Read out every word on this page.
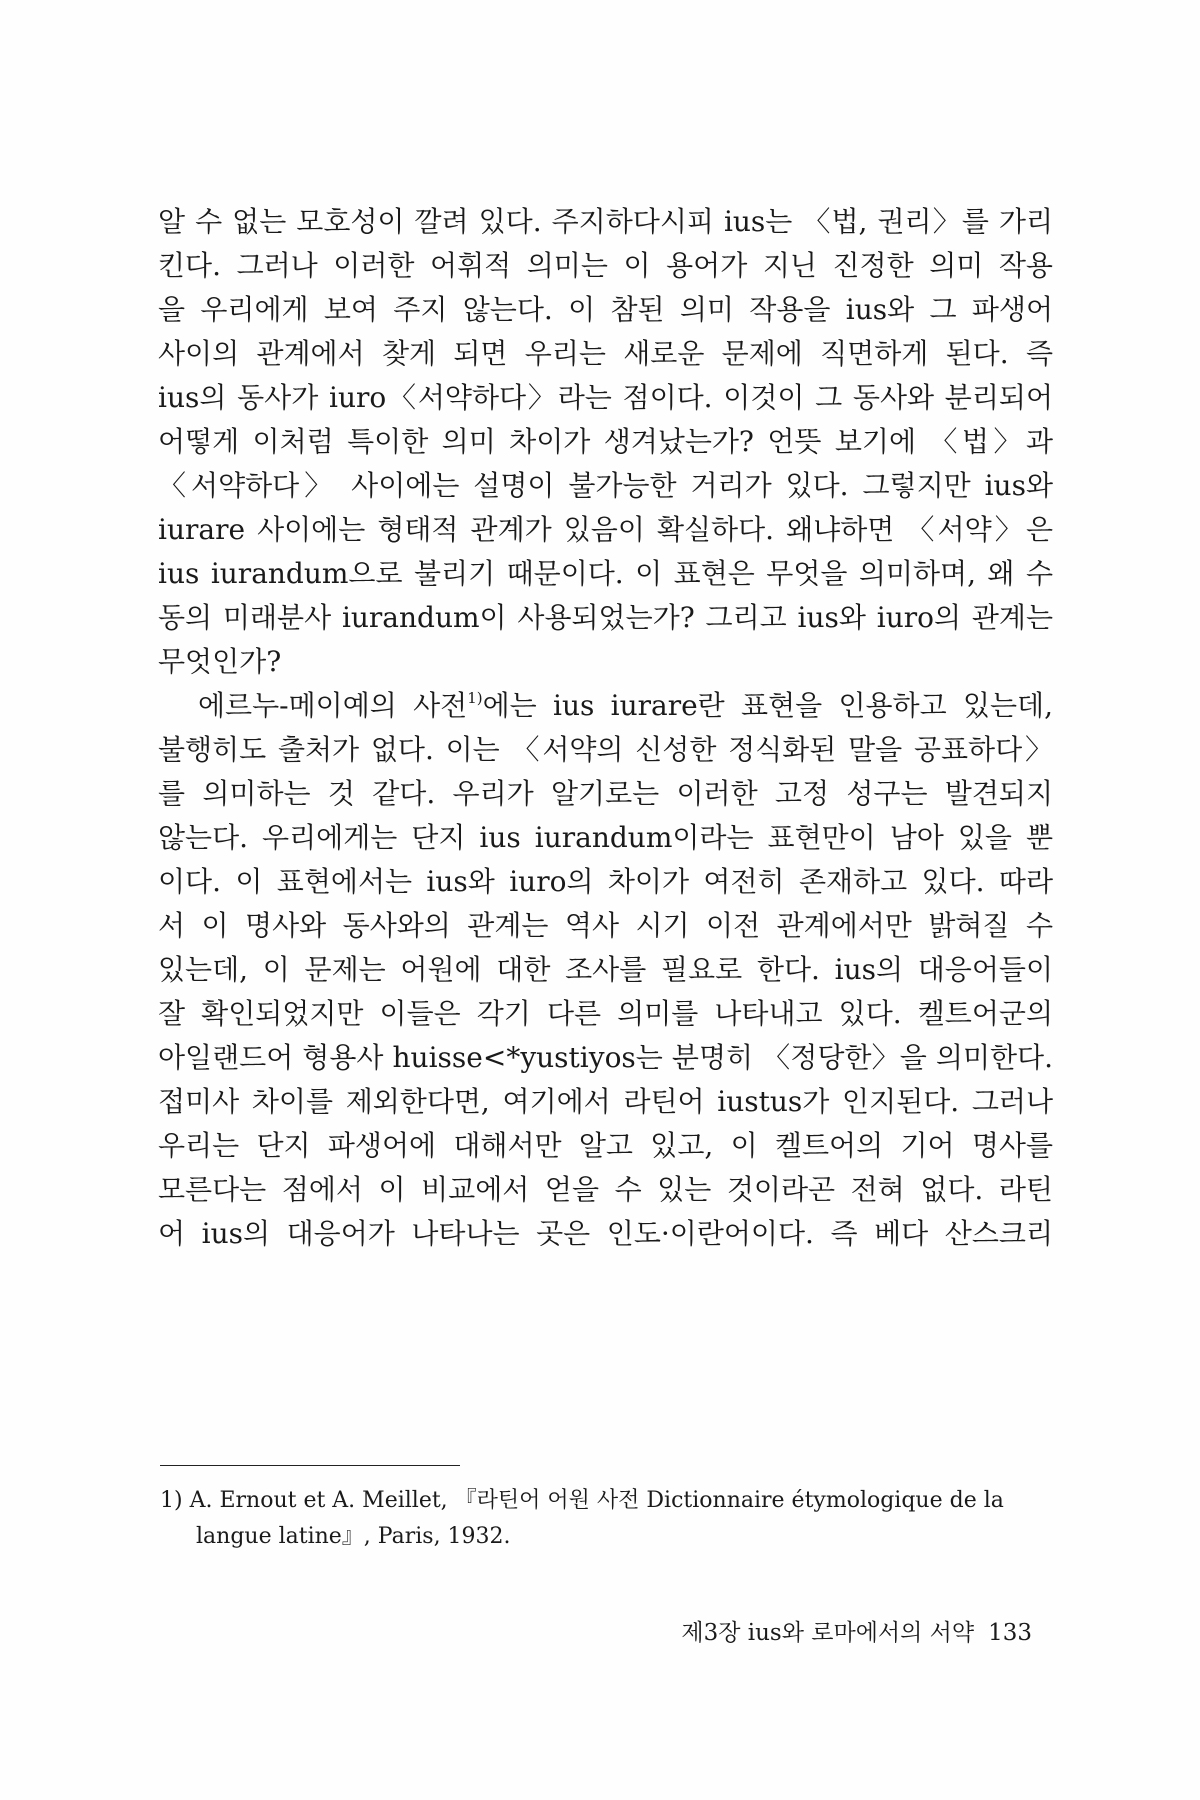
알 수 없는 모호성이 깔려 있다. 주지하다시피 ius는 〈법, 권리〉를 가리
킨다. 그러나 이러한 어휘적 의미는 이 용어가 지닌 진정한 의미 작용
을 우리에게 보여 주지 않는다. 이 참된 의미 작용을 ius와 그 파생어
사이의 관계에서 찾게 되면 우리는 새로운 문제에 직면하게 된다. 즉
ius의 동사가 iuro〈서약하다〉라는 점이다. 이것이 그 동사와 분리되어
어떻게 이처럼 특이한 의미 차이가 생겨났는가? 언뜻 보기에 〈법〉과
〈서약하다〉 사이에는 설명이 불가능한 거리가 있다. 그렇지만 ius와
iurare 사이에는 형태적 관계가 있음이 확실하다. 왜냐하면 〈서약〉은
ius iurandum으로 불리기 때문이다. 이 표현은 무엇을 의미하며, 왜 수
동의 미래분사 iurandum이 사용되었는가? 그리고 ius와 iuro의 관계는
무엇인가?
에르누-메이예의 사전$^{1)}$에는 ius iurare란 표현을 인용하고 있는데,
불행히도 출처가 없다. 이는 〈서약의 신성한 정식화된 말을 공표하다〉
를 의미하는 것 같다. 우리가 알기로는 이러한 고정 성구는 발견되지
않는다. 우리에게는 단지 ius iurandum이라는 표현만이 남아 있을 뿐
이다. 이 표현에서는 ius와 iuro의 차이가 여전히 존재하고 있다. 따라
서 이 명사와 동사와의 관계는 역사 시기 이전 관계에서만 밝혀질 수
있는데, 이 문제는 어원에 대한 조사를 필요로 한다. ius의 대응어들이
잘 확인되었지만 이들은 각기 다른 의미를 나타내고 있다. 켈트어군의
아일랜드어 형용사 huisse<*yustiyos는 분명히 〈정당한〉을 의미한다.
접미사 차이를 제외한다면, 여기에서 라틴어 iustus가 인지된다. 그러나
우리는 단지 파생어에 대해서만 알고 있고, 이 켈트어의 기어 명사를
모른다는 점에서 이 비교에서 얻을 수 있는 것이라곤 전혀 없다. 라틴
어 ius의 대응어가 나타나는 곳은 인도·이란어이다. 즉 베다 산스크리
1) A. Ernout et A. Meillet, 『라틴어 어원 사전 Dictionnaire étymologique de la
langue latine』, Paris, 1932.
제3장 ius와 로마에서의 서약 133
